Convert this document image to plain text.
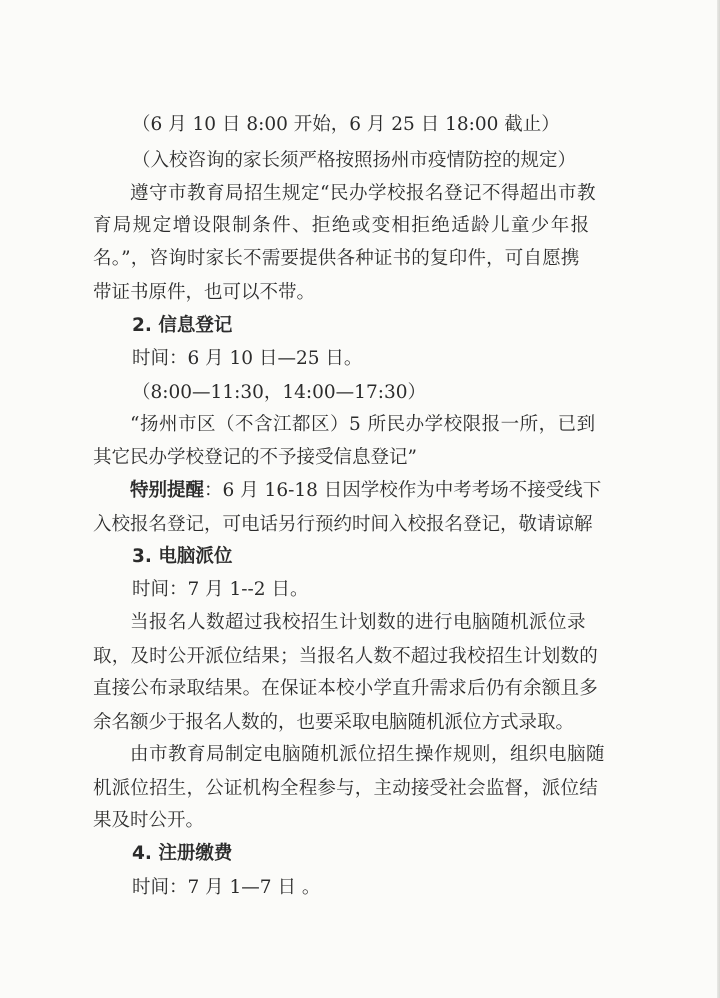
（6 月 10 日 8:00 开始，6 月 25 日 18:00 截止）

（入校咨询的家长须严格按照扬州市疫情防控的规定）

遵守市教育局招生规定“民办学校报名登记不得超出市教

育局规定增设限制条件、拒绝或变相拒绝适龄儿童少年报

名。”，咨询时家长不需要提供各种证书的复印件，可自愿携

带证书原件，也可以不带。

2. 信息登记

时间：6 月 10 日—25 日。

（8:00—11:30，14:00—17:30）

“扬州市区（不含江都区）5 所民办学校限报一所，已到

其它民办学校登记的不予接受信息登记”

特别提醒：6 月 16-18 日因学校作为中考考场不接受线下

入校报名登记，可电话另行预约时间入校报名登记，敬请谅解

3. 电脑派位

时间：7 月 1--2 日。

当报名人数超过我校招生计划数的进行电脑随机派位录

取，及时公开派位结果；当报名人数不超过我校招生计划数的

直接公布录取结果。在保证本校小学直升需求后仍有余额且多

余名额少于报名人数的，也要采取电脑随机派位方式录取。

由市教育局制定电脑随机派位招生操作规则，组织电脑随

机派位招生，公证机构全程参与，主动接受社会监督，派位结

果及时公开。

4. 注册缴费

时间：7 月 1—7 日 。
